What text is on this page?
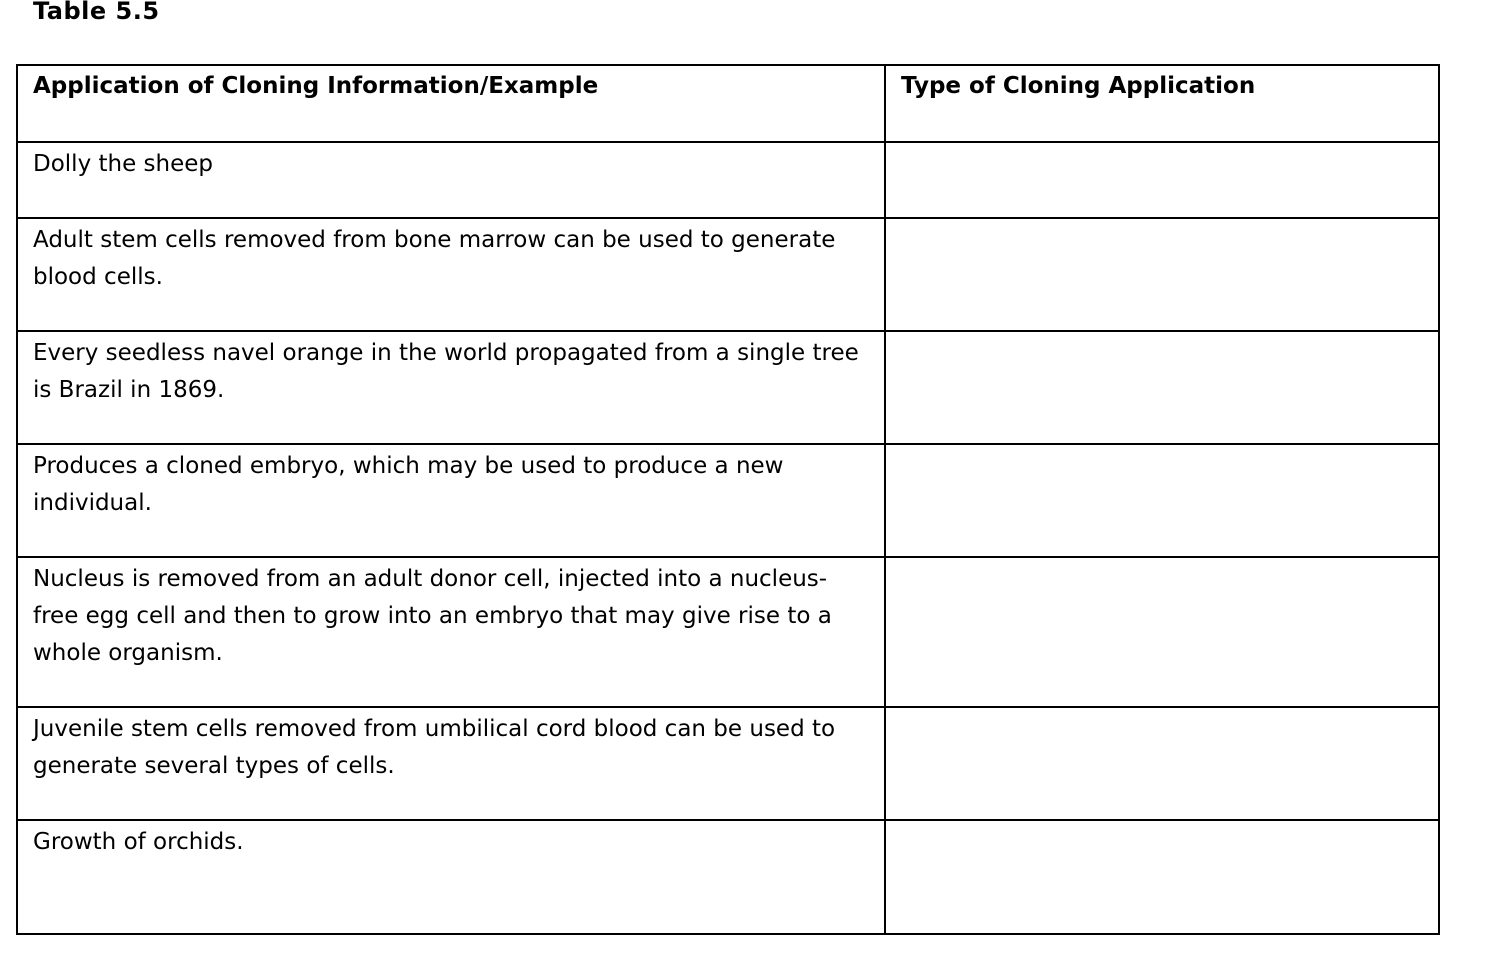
Table 5.5

Application of Cloning Information/Example	Type of Cloning Application
Dolly the sheep	
Adult stem cells removed from bone marrow can be used to generate blood cells.	
Every seedless navel orange in the world propagated from a single tree is Brazil in 1869.	
Produces a cloned embryo, which may be used to produce a new individual.	
Nucleus is removed from an adult donor cell, injected into a nucleus-free egg cell and then to grow into an embryo that may give rise to a whole organism.	
Juvenile stem cells removed from umbilical cord blood can be used to generate several types of cells.	
Growth of orchids.	
